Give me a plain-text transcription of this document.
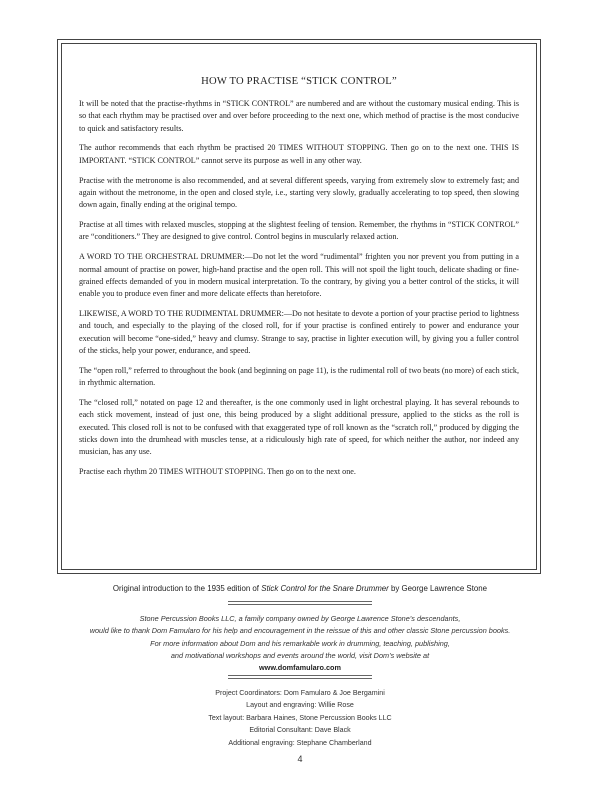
HOW TO PRACTISE “STICK CONTROL”

It will be noted that the practise-rhythms in “STICK CONTROL” are numbered and are without the customary musical ending. This is so that each rhythm may be practised over and over before proceeding to the next one, which method of practise is the most conducive to quick and satisfactory results.

The author recommends that each rhythm be practised 20 TIMES WITHOUT STOPPING. Then go on to the next one. THIS IS IMPORTANT. “STICK CONTROL” cannot serve its purpose as well in any other way.

Practise with the metronome is also recommended, and at several different speeds, varying from extremely slow to extremely fast; and again without the metronome, in the open and closed style, i.e., starting very slowly, gradually accelerating to top speed, then slowing down again, finally ending at the original tempo.

Practise at all times with relaxed muscles, stopping at the slightest feeling of tension. Remember, the rhythms in “STICK CONTROL” are “conditioners.” They are designed to give control. Control begins in muscularly relaxed action.

A WORD TO THE ORCHESTRAL DRUMMER:—Do not let the word “rudimental” frighten you nor prevent you from putting in a normal amount of practise on power, high-hand practise and the open roll. This will not spoil the light touch, delicate shading or fine-grained effects demanded of you in modern musical interpretation. To the contrary, by giving you a better control of the sticks, it will enable you to produce even finer and more delicate effects than heretofore.

LIKEWISE, A WORD TO THE RUDIMENTAL DRUMMER:—Do not hesitate to devote a portion of your practise period to lightness and touch, and especially to the playing of the closed roll, for if your practise is confined entirely to power and endurance your execution will become “one-sided,” heavy and clumsy. Strange to say, practise in lighter execution will, by giving you a fuller control of the sticks, help your power, endurance, and speed.

The “open roll,” referred to throughout the book (and beginning on page 11), is the rudimental roll of two beats (no more) of each stick, in rhythmic alternation.

The “closed roll,” notated on page 12 and thereafter, is the one commonly used in light orchestral playing. It has several rebounds to each stick movement, instead of just one, this being produced by a slight additional pressure, applied to the sticks as the roll is executed. This closed roll is not to be confused with that exaggerated type of roll known as the “scratch roll,” produced by digging the sticks down into the drumhead with muscles tense, at a ridiculously high rate of speed, for which neither the author, nor indeed any musician, has any use.

Practise each rhythm 20 TIMES WITHOUT STOPPING. Then go on to the next one.

Original introduction to the 1935 edition of Stick Control for the Snare Drummer by George Lawrence Stone
Stone Percussion Books LLC, a family company owned by George Lawrence Stone’s descendants,
would like to thank Dom Famularo for his help and encouragement in the reissue of this and other classic Stone percussion books.
For more information about Dom and his remarkable work in drumming, teaching, publishing,
and motivational workshops and events around the world, visit Dom’s website at
www.domfamularo.com
Project Coordinators: Dom Famularo & Joe Bergamini
Layout and engraving: Willie Rose
Text layout: Barbara Haines, Stone Percussion Books LLC
Editorial Consultant: Dave Black
Additional engraving: Stephane Chamberland
4
